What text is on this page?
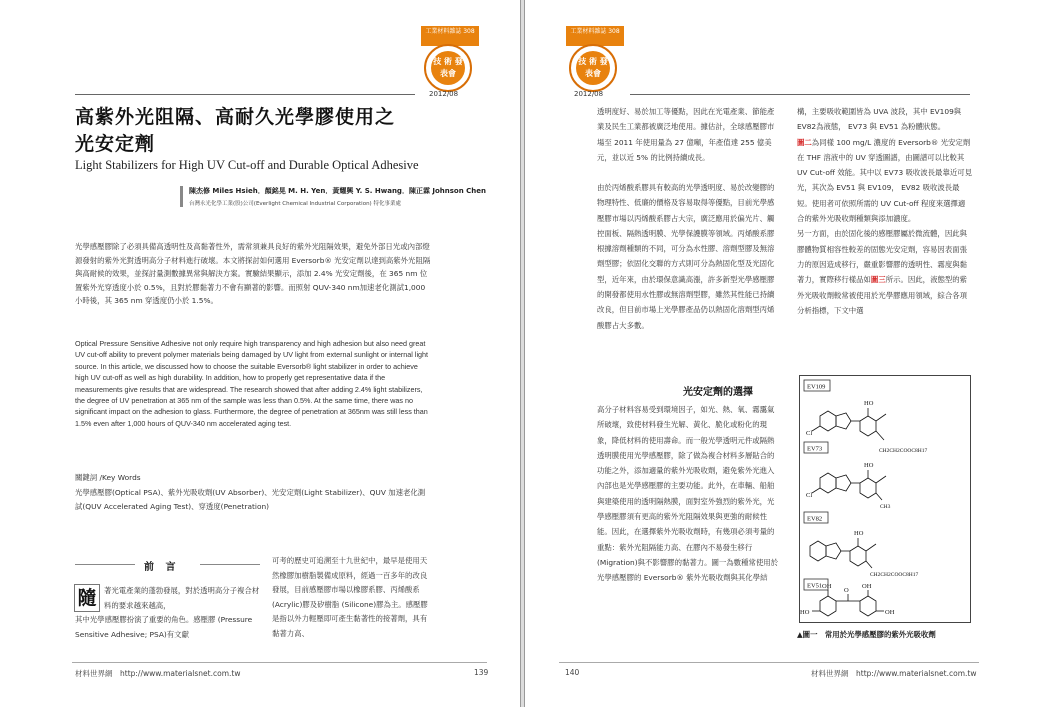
工業材料雜誌 308
技 術 發表會
2012/08
高紫外光阻隔、高耐久光學膠使用之
光安定劑
Light Stabilizers for High UV Cut-off and Durable Optical Adhesive
陳杰修 Miles Hsieh．顏銘晃 M. H. Yen．黃耀興 Y. S. Hwang．陳正霖 Johnson Chen
台灣永光化學工業(股)公司(Everlight Chemical Industrial Corporation) 特化事業處
光學感壓膠除了必須具備高透明性及高黏著性外，需常須兼具良好的紫外光阻隔效果，避免外部日光或內部燈源發射的紫外光對透明高分子材料進行破壞。本文將探討如何選用 Eversorb® 光安定劑以達到高紫外光阻隔與高耐候的效果，並探討量測數據異常與解決方案。實驗結果顯示，添加 2.4% 光安定劑後，在 365 nm 位置紫外光穿透度小於 0.5%，且對於膠黏著力不會有顯著的影響。而照射 QUV-340 nm加速老化測試1,000小時後，其 365 nm 穿透度仍小於 1.5%。
Optical Pressure Sensitive Adhesive not only require high transparency and high adhesion but also need great UV cut-off ability to prevent polymer materials being damaged by UV light from external sunlight or internal light source. In this article, we discussed how to choose the suitable Eversorb® light stabilizer in order to achieve high UV cut-off as well as high durability. In addition, how to properly get representative data if the measurements give results that are widespread. The research showed that after adding 2.4% light stabilizers, the degree of UV penetration at 365 nm of the sample was less than 0.5%. At the same time, there was no significant impact on the adhesion to glass. Furthermore, the degree of penetration at 365nm was still less than 1.5% even after 1,000 hours of QUV-340 nm accelerated aging test.
關鍵詞 /Key Words
光學感壓膠(Optical PSA)、紫外光吸收劑(UV Absorber)、光安定劑(Light Stabilizer)、QUV 加速老化測試(QUV Accelerated Aging Test)、穿透度(Penetration)
前 言
隨	著光電產業的蓬勃發展，對於透明高分子複合材料的要求越來越高，
其中光學感壓膠扮演了重要的角色。感壓膠 (Pressure Sensitive Adhesive; PSA)有文獻
可考的歷史可追溯至十九世紀中，最早是使用天然橡膠加樹脂製備成原料，經過一百多年的改良發展，目前感壓膠市場以橡膠系膠、丙烯酸系 (Acrylic)膠及矽樹脂 (Silicone)膠為主。感壓膠是指以外力輕壓即可產生黏著性的接著劑，具有黏著力高、
材料世界網　http://www.materialsnet.com.tw	139
工業材料雜誌 308
技 術 發表會
2012/08
透明度好、易於加工等優點，因此在光電產業、節能產業及民生工業都被廣泛地使用。據估計，全球感壓膠市場至 2011 年使用量為 27 億噸，年產值達 255 億美元，並以近 5% 的比例持續成長。
由於丙烯酸系膠具有較高的光學透明度、易於改變膠的物理特性、低廉的價格及容易取得等優點，目前光學感壓膠市場以丙烯酸系膠占大宗，廣泛應用於偏光片、觸控面板、隔熱透明膜、光學保護膜等領域。丙烯酸系膠根據溶劑種類的不同，可分為水性膠、溶劑型膠及無溶劑型膠；依固化交聯的方式則可分為熱固化型及光固化型，近年來，由於環保意識高漲，許多新型光學感壓膠的開發都使用水性膠或無溶劑型膠，雖然其性能已持續改良，但目前市場上光學膠產品仍以熱固化溶劑型丙烯酸膠占大多數。
光安定劑的選擇
高分子材料容易受到環境因子，如光、熱、氧、霧靄氣所破壞，致使材料發生光解、黃化、脆化或粉化的現象，降低材料的使用壽命。而一般光學透明元件或隔熱透明膜使用光學感壓膠，除了做為複合材料多層貼合的功能之外，添加適量的紫外光吸收劑，避免紫外光進入內部也是光學感壓膠的主要功能。此外，在車輛、船舶與建築使用的透明隔熱膜，面對室外強烈的紫外光，光學感壓膠須有更高的紫外光阻隔效果與更強的耐候性能。因此，在選擇紫外光吸收劑時，有幾項必須考量的重點：紫外光阻隔能力高、在膠內不易發生移行(Migration)與不影響膠的黏著力。圖一為數種常使用於光學感壓膠的 Eversorb® 紫外光吸收劑與其化學結
構，主要吸收範圍皆為 UVA 波段，其中 EV109與EV82為液態， EV73 與 EV51 為粉體狀態。
圖二為同樣 100 mg/L 濃度的 Eversorb® 光安定劑在 THF 溶液中的 UV 穿透圖譜，由圖譜可以比較其 UV Cut-off 效能。其中以 EV73 吸收波長最靠近可見光，其次為 EV51 與 EV109， EV82 吸收波長最短。使用者可依照所需的 UV Cut-off 程度來選擇適合的紫外光吸收劑種類與添加濃度。
另一方面，由於固化後的感壓膠屬於微流體，因此與膠體物質相容性較差的固態光安定劑，容易因表面張力的原因造成移行，嚴重影響膠的透明性、霧度與黏著力，實際移行樣品如圖三所示。因此，液態型的紫外光吸收劑較常被使用於光學膠應用領域，綜合各項分析指標，下文中選
EV109
HO
Cl
CH2CH2COOC8H17
EV73
HO
Cl
CH3
EV82
HO
CH2CH2COOC8H17
EV51 OH
O
OH
HO	OH
▲圖一　常用於光學感壓膠的紫外光吸收劑
140	材料世界網　http://www.materialsnet.com.tw
